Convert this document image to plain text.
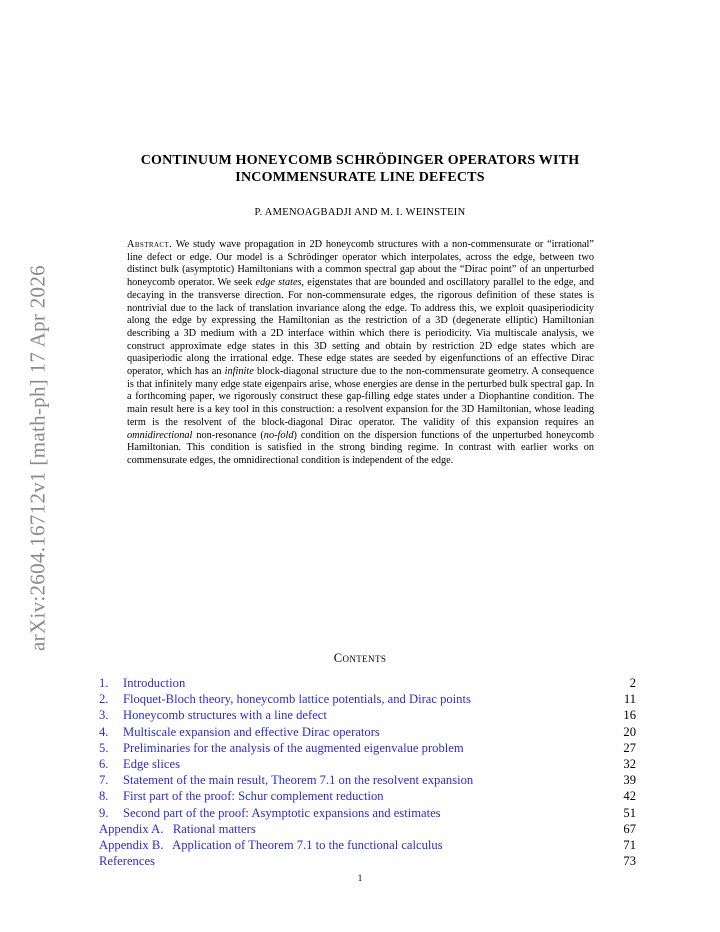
arXiv:2604.16712v1 [math-ph] 17 Apr 2026
CONTINUUM HONEYCOMB SCHRÖDINGER OPERATORS WITH
INCOMMENSURATE LINE DEFECTS
P. AMENOAGBADJI AND M. I. WEINSTEIN
Abstract. We study wave propagation in 2D honeycomb structures with a non-commensurate or “irrational” line defect or edge. Our model is a Schrödinger operator which interpolates, across the edge, between two distinct bulk (asymptotic) Hamiltonians with a common spectral gap about the “Dirac point” of an unperturbed honeycomb operator. We seek edge states, eigenstates that are bounded and oscillatory parallel to the edge, and decaying in the transverse direction. For non-commensurate edges, the rigorous definition of these states is nontrivial due to the lack of translation invariance along the edge. To address this, we exploit quasiperiodicity along the edge by expressing the Hamiltonian as the restriction of a 3D (degenerate elliptic) Hamiltonian describing a 3D medium with a 2D interface within which there is periodicity. Via multiscale analysis, we construct approximate edge states in this 3D setting and obtain by restriction 2D edge states which are quasiperiodic along the irrational edge. These edge states are seeded by eigenfunctions of an effective Dirac operator, which has an infinite block-diagonal structure due to the non-commensurate geometry. A consequence is that infinitely many edge state eigenpairs arise, whose energies are dense in the perturbed bulk spectral gap. In a forthcoming paper, we rigorously construct these gap-filling edge states under a Diophantine condition. The main result here is a key tool in this construction: a resolvent expansion for the 3D Hamiltonian, whose leading term is the resolvent of the block-diagonal Dirac operator. The validity of this expansion requires an omnidirectional non-resonance (no-fold) condition on the dispersion functions of the unperturbed honeycomb Hamiltonian. This condition is satisfied in the strong binding regime. In contrast with earlier works on commensurate edges, the omnidirectional condition is independent of the edge.
Contents
1. Introduction	2
2. Floquet-Bloch theory, honeycomb lattice potentials, and Dirac points	11
3. Honeycomb structures with a line defect	16
4. Multiscale expansion and effective Dirac operators	20
5. Preliminaries for the analysis of the augmented eigenvalue problem	27
6. Edge slices	32
7. Statement of the main result, Theorem 7.1 on the resolvent expansion	39
8. First part of the proof: Schur complement reduction	42
9. Second part of the proof: Asymptotic expansions and estimates	51
Appendix A. Rational matters	67
Appendix B. Application of Theorem 7.1 to the functional calculus	71
References	73
1
